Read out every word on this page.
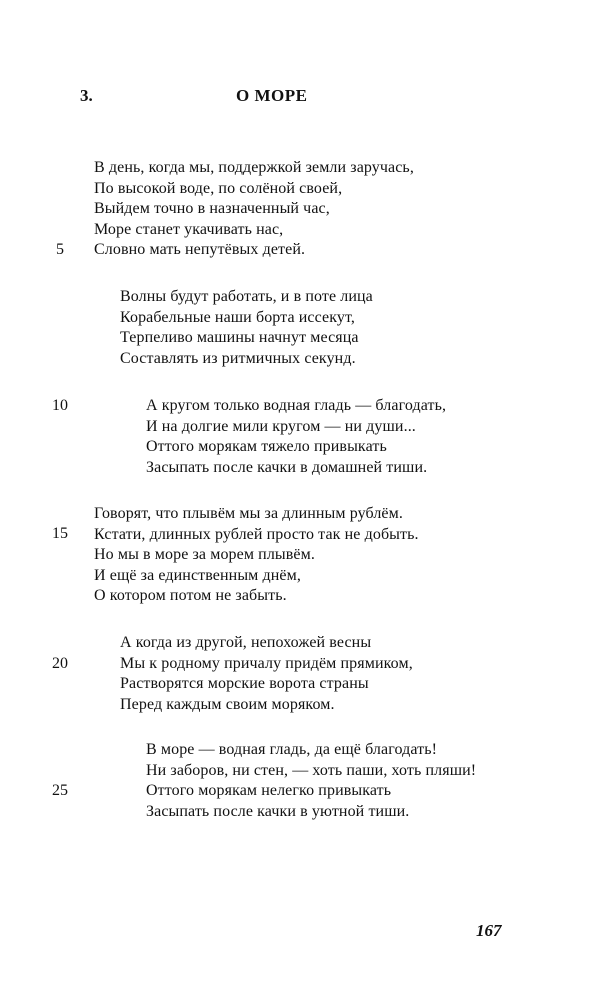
3.	О МОРЕ
В день, когда мы, поддержкой земли заручась,
По высокой воде, по солёной своей,
Выйдем точно в назначенный час,
Море станет укачивать нас,
Словно мать непутёвых детей.
5
Волны будут работать, и в поте лица
Корабельные наши борта иссекут,
Терпеливо машины начнут месяца
Составлять из ритмичных секунд.
А кругом только водная гладь — благодать,
И на долгие мили кругом — ни души...
Оттого морякам тяжело привыкать
Засыпать после качки в домашней тиши.
10
Говорят, что плывём мы за длинным рублём.
Кстати, длинных рублей просто так не добыть.
Но мы в море за морем плывём.
И ещё за единственным днём,
О котором потом не забыть.
15
А когда из другой, непохожей весны
Мы к родному причалу придём прямиком,
Растворятся морские ворота страны
Перед каждым своим моряком.
20
В море — водная гладь, да ещё благодать!
Ни заборов, ни стен, — хоть паши, хоть пляши!
Оттого морякам нелегко привыкать
Засыпать после качки в уютной тиши.
25
167
